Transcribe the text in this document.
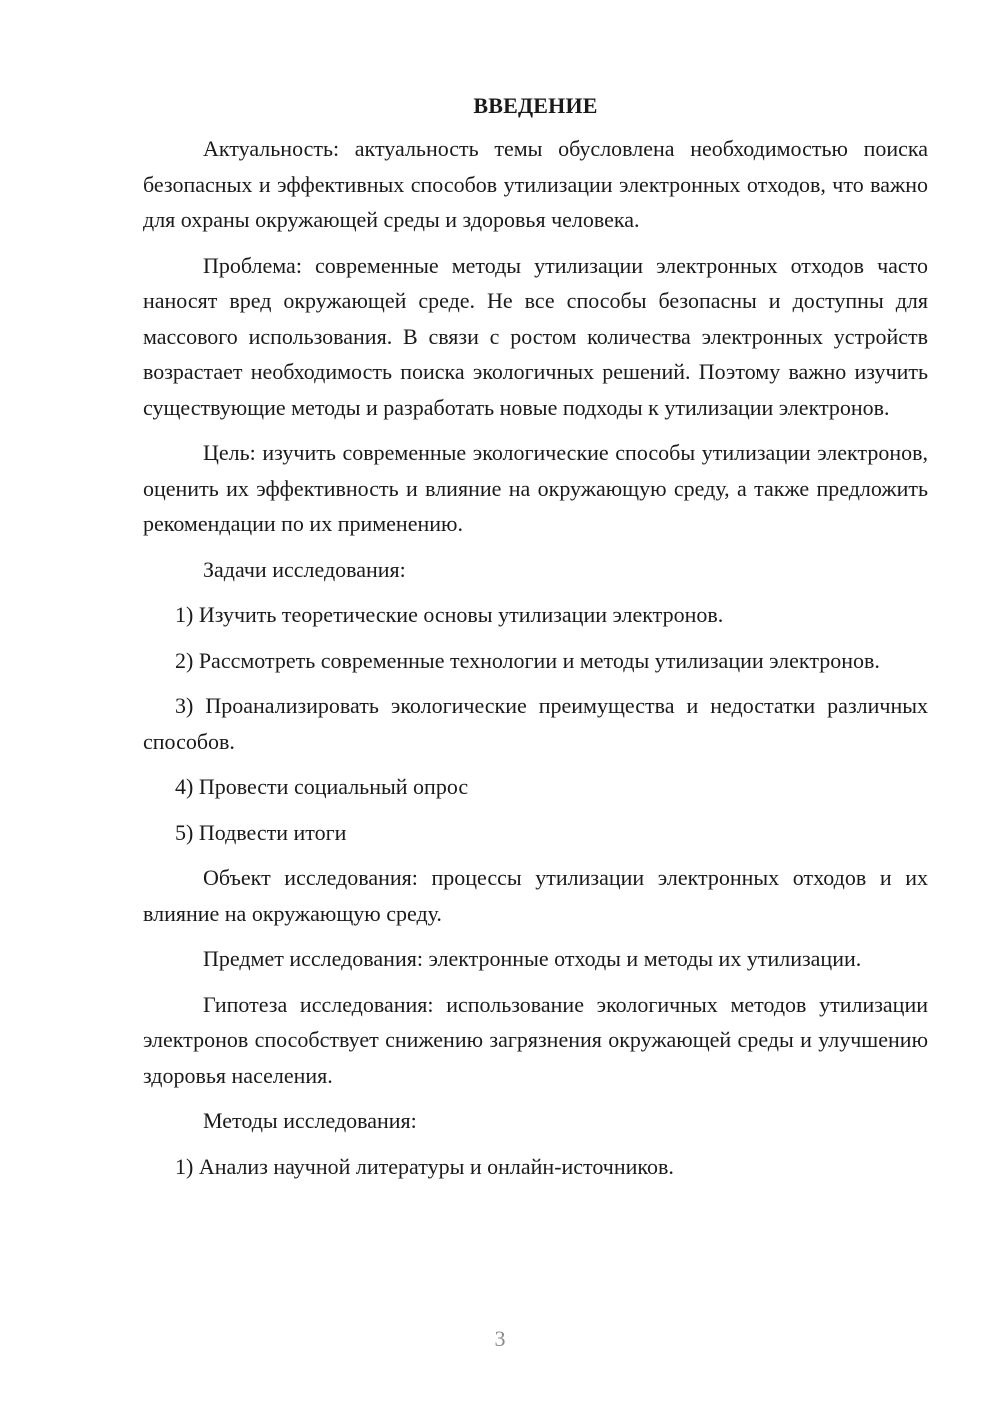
ВВЕДЕНИЕ

Актуальность: актуальность темы обусловлена необходимостью поиска безопасных и эффективных способов утилизации электронных отходов, что важно для охраны окружающей среды и здоровья человека.

Проблема: современные методы утилизации электронных отходов часто наносят вред окружающей среде. Не все способы безопасны и доступны для массового использования. В связи с ростом количества электронных устройств возрастает необходимость поиска экологичных решений. Поэтому важно изучить существующие методы и разработать новые подходы к утилизации электронов.

Цель: изучить современные экологические способы утилизации электронов, оценить их эффективность и влияние на окружающую среду, а также предложить рекомендации по их применению.

Задачи исследования:

1) Изучить теоретические основы утилизации электронов.

2) Рассмотреть современные технологии и методы утилизации электронов.

3) Проанализировать экологические преимущества и недостатки различных способов.

4) Провести социальный опрос

5) Подвести итоги

Объект исследования: процессы утилизации электронных отходов и их влияние на окружающую среду.

Предмет исследования: электронные отходы и методы их утилизации.

Гипотеза исследования: использование экологичных методов утилизации электронов способствует снижению загрязнения окружающей среды и улучшению здоровья населения.

Методы исследования:

1) Анализ научной литературы и онлайн-источников.

3
